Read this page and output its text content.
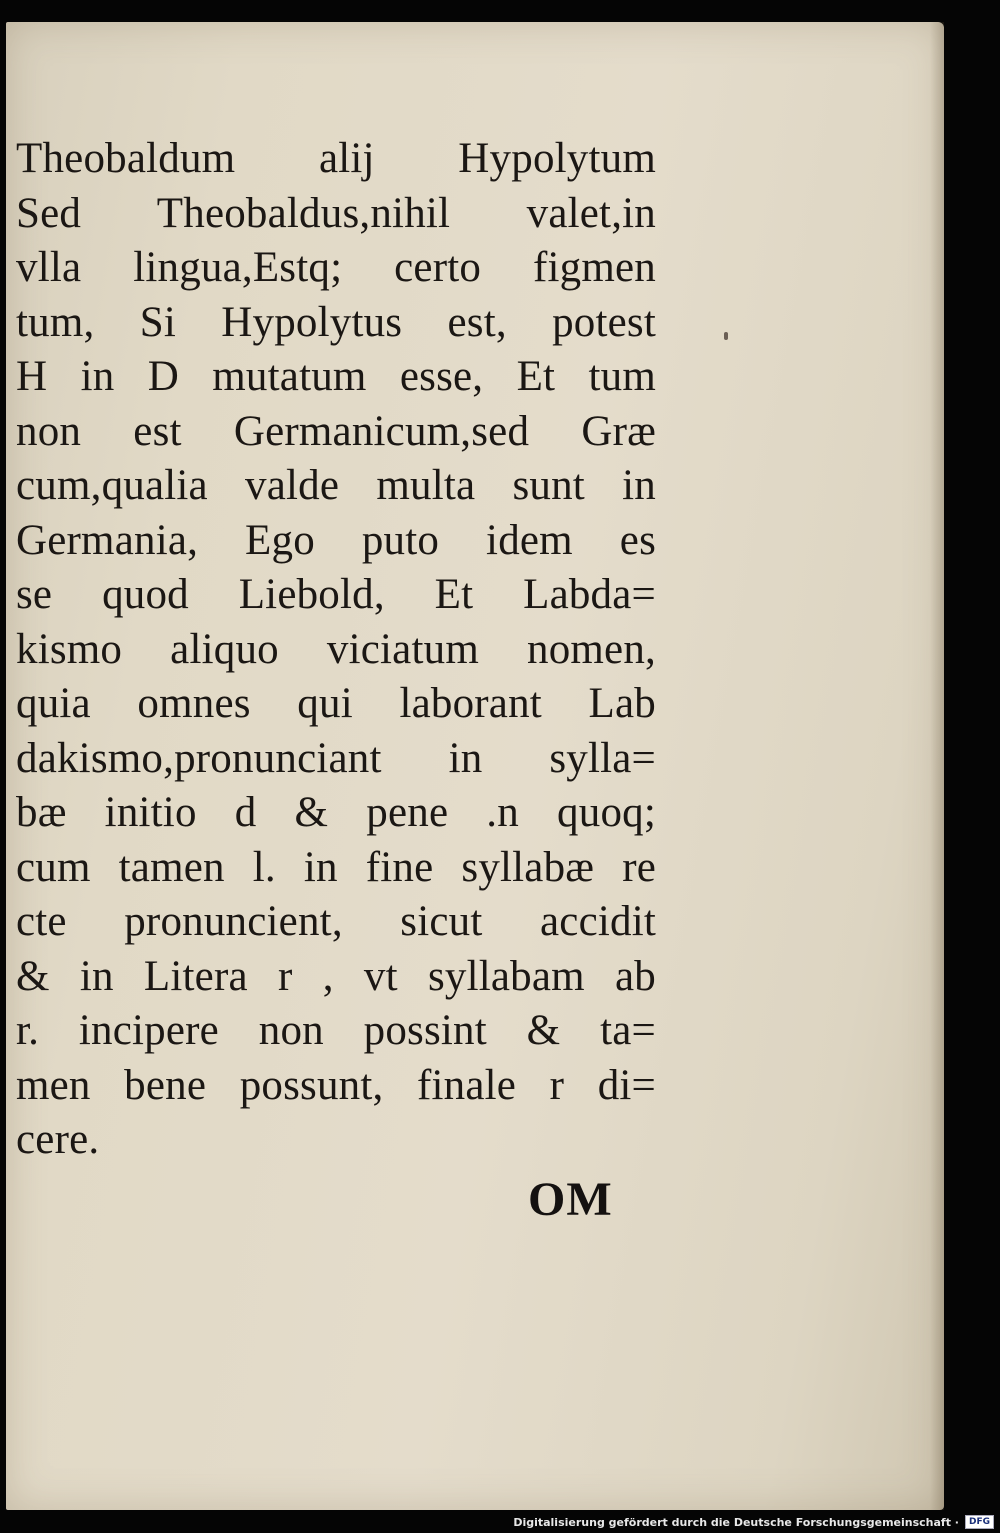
Theobaldum alij Hypolytum
Sed Theobaldus,nihil valet,in
vlla lingua,Estq; certo figmen
tum, Si Hypolytus est, potest
H in D mutatum esse, Et tum
non est Germanicum,sed Græ
cum,qualia valde multa sunt in
Germania, Ego puto idem es
se quod Liebold, Et Labda=
kismo aliquo viciatum nomen,
quia omnes qui laborant Lab
dakismo,pronunciant in sylla=
bæ initio d & pene .n quoq;
cum tamen l. in fine syllabæ re
cte pronuncient, sicut accidit
& in Litera r , vt syllabam ab
r. incipere non possint & ta=
men bene possunt, finale r di=
cere.
OM
Digitalisierung gefördert durch die Deutsche Forschungsgemeinschaft ·	DFG
